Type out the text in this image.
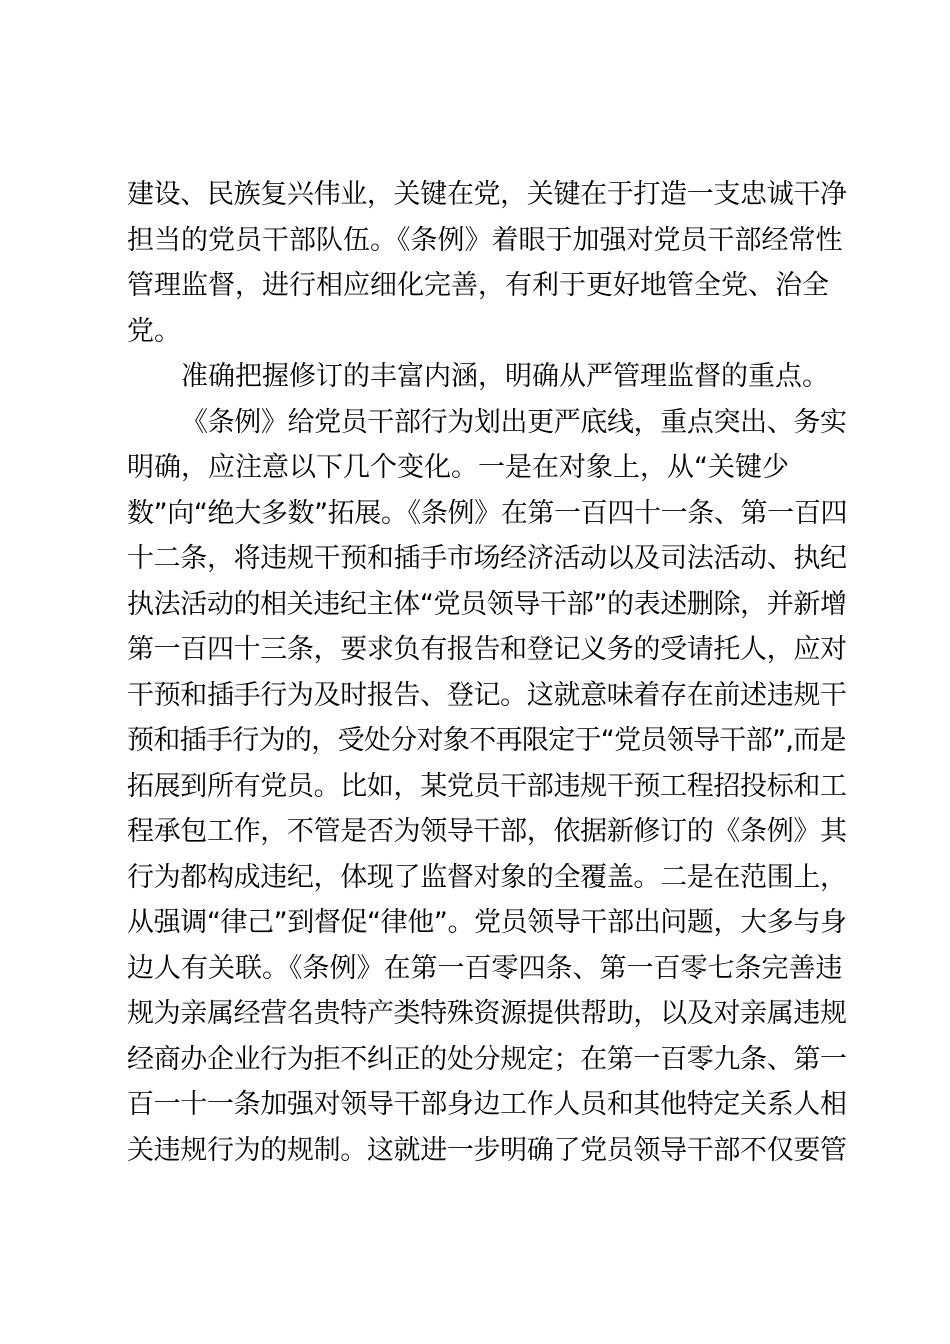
建设、民族复兴伟业，关键在党，关键在于打造一支忠诚干净
担当的党员干部队伍。《条例》着眼于加强对党员干部经常性
管理监督，进行相应细化完善，有利于更好地管全党、治全
党。
准确把握修订的丰富内涵，明确从严管理监督的重点。
《条例》给党员干部行为划出更严底线，重点突出、务实
明确，应注意以下几个变化。一是在对象上，从“关键少
数”向“绝大多数”拓展。《条例》在第一百四十一条、第一百四
十二条，将违规干预和插手市场经济活动以及司法活动、执纪
执法活动的相关违纪主体“党员领导干部”的表述删除，并新增
第一百四十三条，要求负有报告和登记义务的受请托人，应对
干预和插手行为及时报告、登记。这就意味着存在前述违规干
预和插手行为的，受处分对象不再限定于“党员领导干部”,而是
拓展到所有党员。比如，某党员干部违规干预工程招投标和工
程承包工作，不管是否为领导干部，依据新修订的《条例》其
行为都构成违纪，体现了监督对象的全覆盖。二是在范围上，
从强调“律己”到督促“律他”。党员领导干部出问题，大多与身
边人有关联。《条例》在第一百零四条、第一百零七条完善违
规为亲属经营名贵特产类特殊资源提供帮助，以及对亲属违规
经商办企业行为拒不纠正的处分规定；在第一百零九条、第一
百一十一条加强对领导干部身边工作人员和其他特定关系人相
关违规行为的规制。这就进一步明确了党员领导干部不仅要管
